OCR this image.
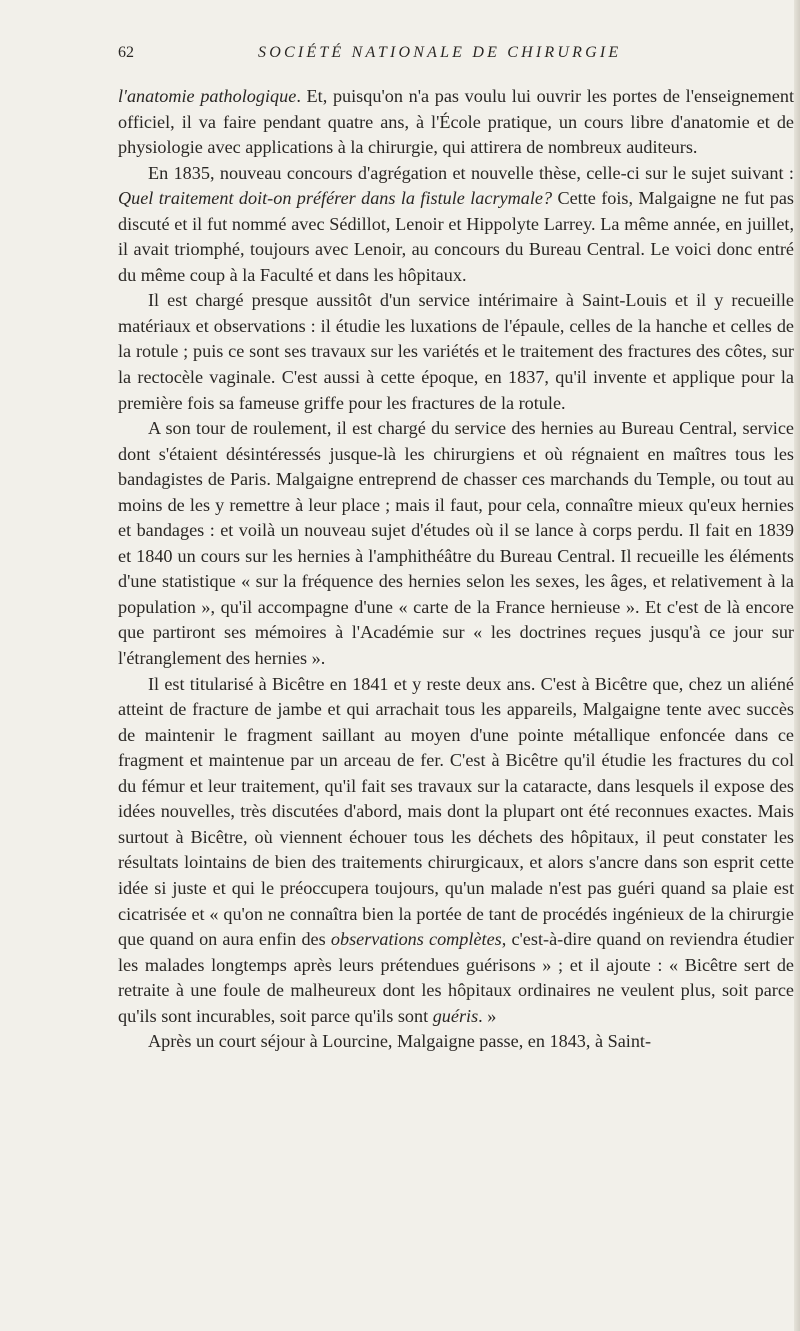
62	SOCIÉTÉ NATIONALE DE CHIRURGIE

l'anatomie pathologique. Et, puisqu'on n'a pas voulu lui ouvrir les portes de l'enseignement officiel, il va faire pendant quatre ans, à l'École pratique, un cours libre d'anatomie et de physiologie avec applications à la chirurgie, qui attirera de nombreux auditeurs.

En 1835, nouveau concours d'agrégation et nouvelle thèse, celle-ci sur le sujet suivant : Quel traitement doit-on préférer dans la fistule lacrymale? Cette fois, Malgaigne ne fut pas discuté et il fut nommé avec Sédillot, Lenoir et Hippolyte Larrey. La même année, en juillet, il avait triomphé, toujours avec Lenoir, au concours du Bureau Central. Le voici donc entré du même coup à la Faculté et dans les hôpitaux.

Il est chargé presque aussitôt d'un service intérimaire à Saint-Louis et il y recueille matériaux et observations : il étudie les luxations de l'épaule, celles de la hanche et celles de la rotule ; puis ce sont ses travaux sur les variétés et le traitement des fractures des côtes, sur la rectocèle vaginale. C'est aussi à cette époque, en 1837, qu'il invente et applique pour la première fois sa fameuse griffe pour les fractures de la rotule.

A son tour de roulement, il est chargé du service des hernies au Bureau Central, service dont s'étaient désintéressés jusque-là les chirurgiens et où régnaient en maîtres tous les bandagistes de Paris. Malgaigne entreprend de chasser ces marchands du Temple, ou tout au moins de les y remettre à leur place ; mais il faut, pour cela, connaître mieux qu'eux hernies et bandages : et voilà un nouveau sujet d'études où il se lance à corps perdu. Il fait en 1839 et 1840 un cours sur les hernies à l'amphithéâtre du Bureau Central. Il recueille les éléments d'une statistique « sur la fréquence des hernies selon les sexes, les âges, et relativement à la population », qu'il accompagne d'une « carte de la France hernieuse ». Et c'est de là encore que partiront ses mémoires à l'Académie sur « les doctrines reçues jusqu'à ce jour sur l'étranglement des hernies ».

Il est titularisé à Bicêtre en 1841 et y reste deux ans. C'est à Bicêtre que, chez un aliéné atteint de fracture de jambe et qui arrachait tous les appareils, Malgaigne tente avec succès de maintenir le fragment saillant au moyen d'une pointe métallique enfoncée dans ce fragment et maintenue par un arceau de fer. C'est à Bicêtre qu'il étudie les fractures du col du fémur et leur traitement, qu'il fait ses travaux sur la cataracte, dans lesquels il expose des idées nouvelles, très discutées d'abord, mais dont la plupart ont été reconnues exactes. Mais surtout à Bicêtre, où viennent échouer tous les déchets des hôpitaux, il peut constater les résultats lointains de bien des traitements chirurgicaux, et alors s'ancre dans son esprit cette idée si juste et qui le préoccupera toujours, qu'un malade n'est pas guéri quand sa plaie est cicatrisée et « qu'on ne connaîtra bien la portée de tant de procédés ingénieux de la chirurgie que quand on aura enfin des observations complètes, c'est-à-dire quand on reviendra étudier les malades longtemps après leurs prétendues guérisons » ; et il ajoute : « Bicêtre sert de retraite à une foule de malheureux dont les hôpitaux ordinaires ne veulent plus, soit parce qu'ils sont incurables, soit parce qu'ils sont guéris. »

Après un court séjour à Lourcine, Malgaigne passe, en 1843, à Saint-
